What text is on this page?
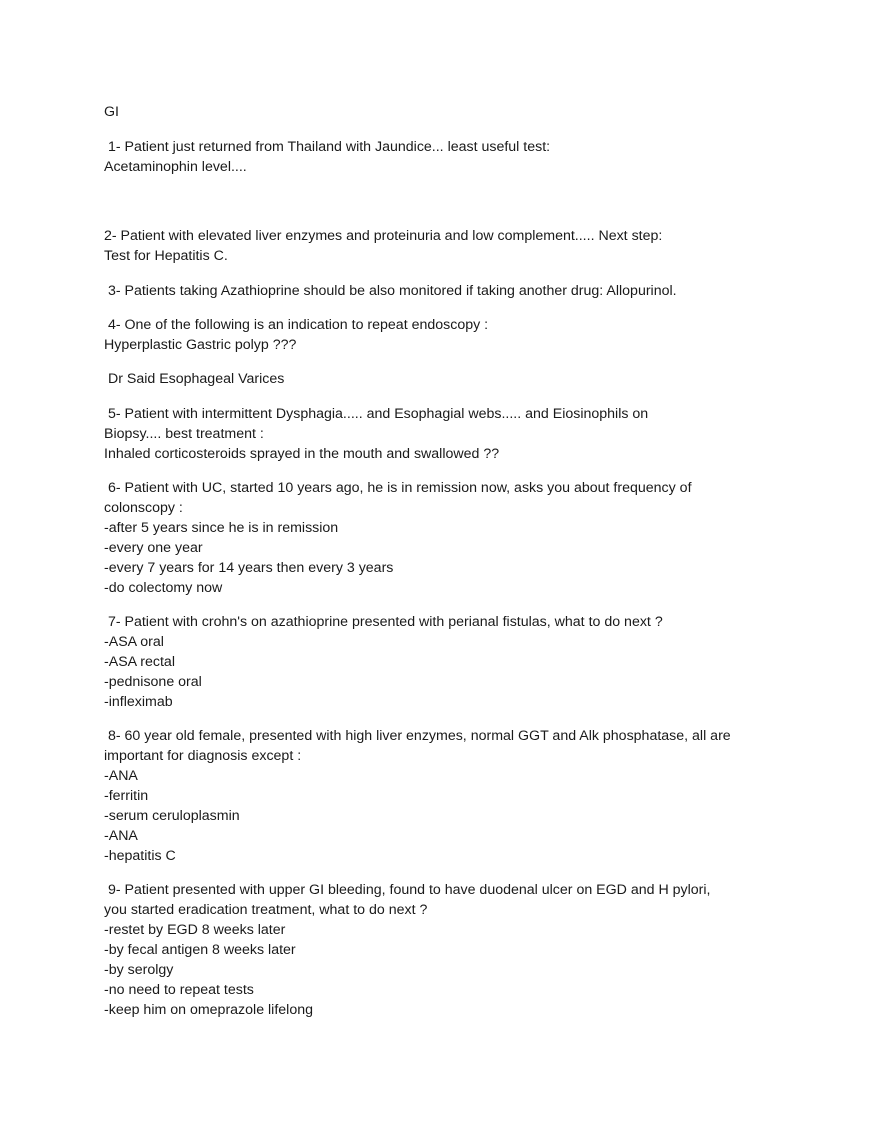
GI
1- Patient just returned from Thailand with Jaundice... least useful test:
Acetaminophin level....
2- Patient with elevated liver enzymes and proteinuria and low complement..... Next step:
Test for Hepatitis C.
3- Patients taking Azathioprine should be also monitored if taking another drug: Allopurinol.
4- One of the following is an indication to repeat endoscopy :
Hyperplastic Gastric polyp ???
Dr Said Esophageal Varices
5- Patient with intermittent Dysphagia..... and Esophagial webs..... and Eiosinophils on
Biopsy.... best treatment :
Inhaled corticosteroids sprayed in the mouth and swallowed ??
6- Patient with UC, started 10 years ago, he is in remission now, asks you about frequency of
colonscopy :
-after 5 years since he is in remission
-every one year
-every 7 years for 14 years then every 3 years
-do colectomy now
7- Patient with crohn's on azathioprine presented with perianal fistulas, what to do next ?
-ASA oral
-ASA rectal
-pednisone oral
-infleximab
8- 60 year old female, presented with high liver enzymes, normal GGT and Alk phosphatase, all are
important for diagnosis except :
-ANA
-ferritin
-serum ceruloplasmin
-ANA
-hepatitis C
9- Patient presented with upper GI bleeding, found to have duodenal ulcer on EGD and H pylori,
you started eradication treatment, what to do next ?
-restet by EGD 8 weeks later
-by fecal antigen 8 weeks later
-by serolgy
-no need to repeat tests
-keep him on omeprazole lifelong
